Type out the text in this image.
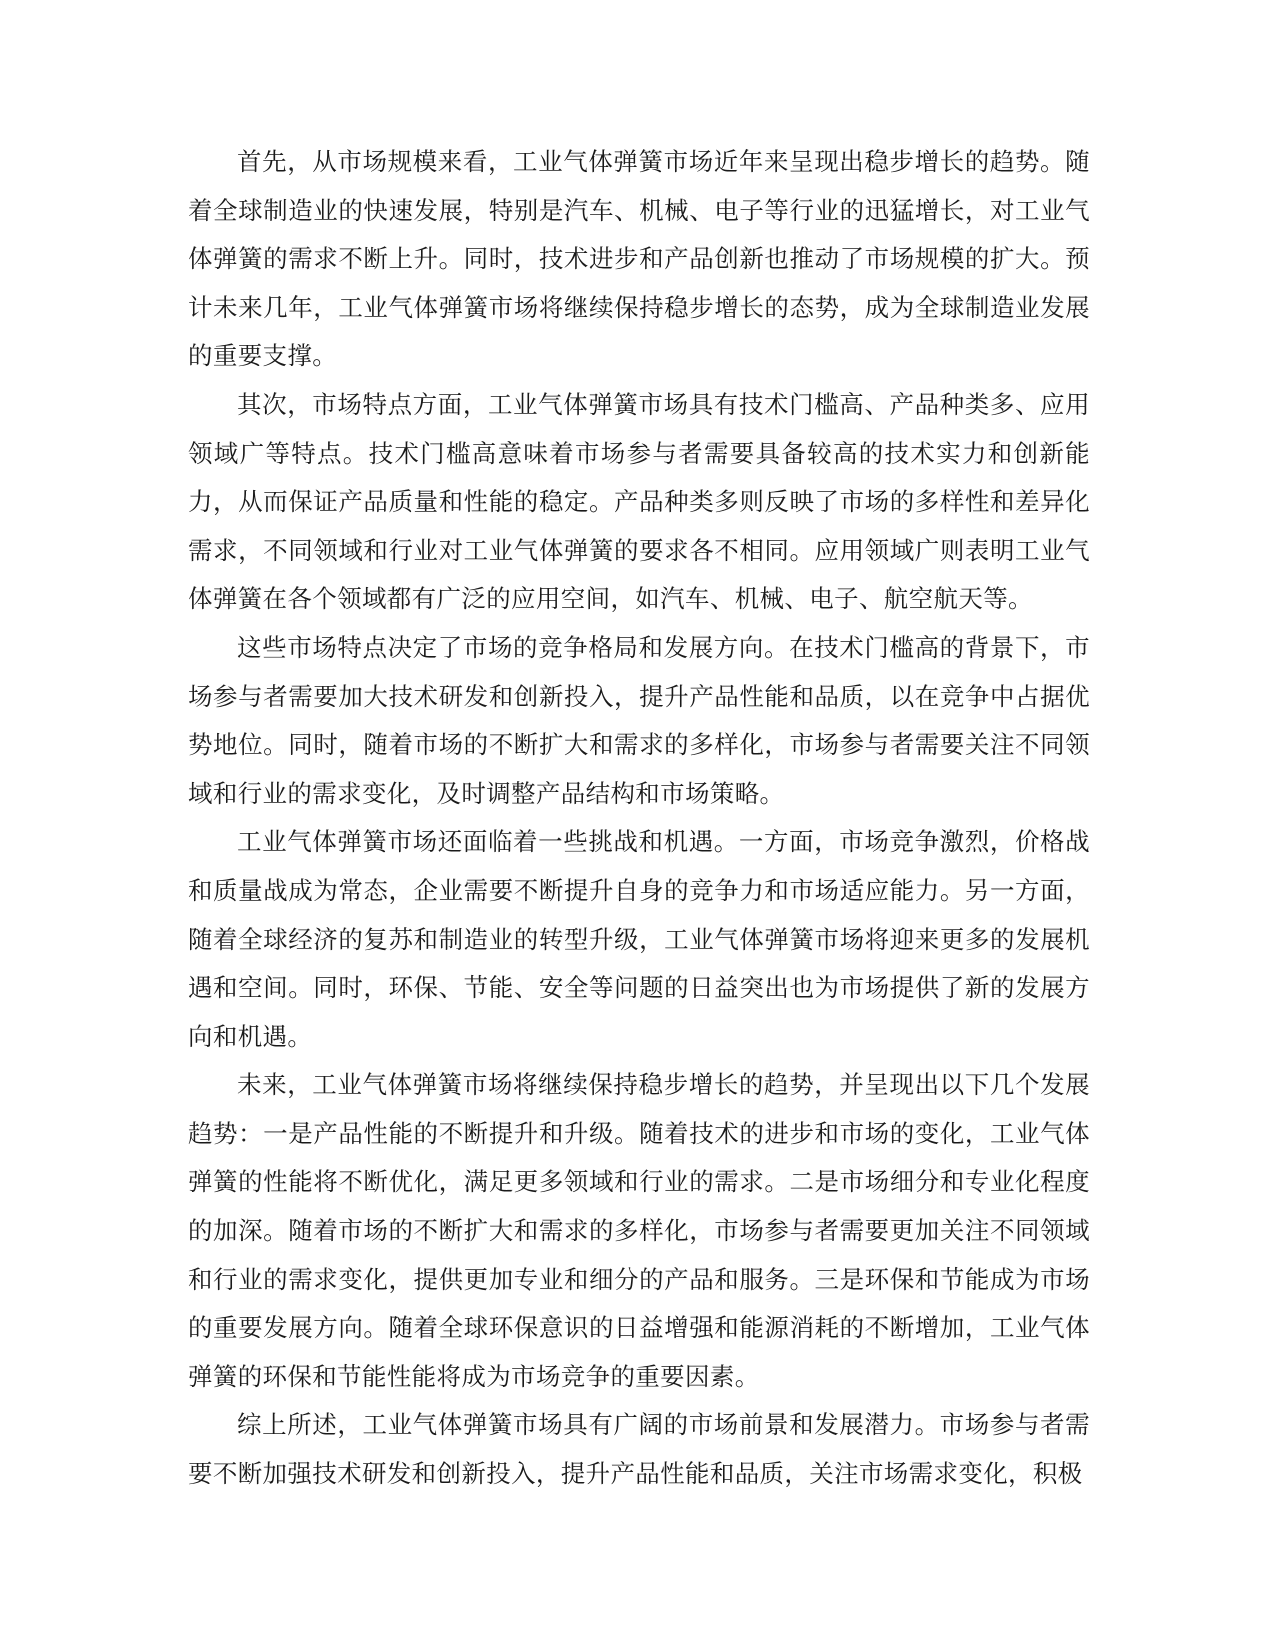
首先，从市场规模来看，工业气体弹簧市场近年来呈现出稳步增长的趋势。随着全球制造业的快速发展，特别是汽车、机械、电子等行业的迅猛增长，对工业气体弹簧的需求不断上升。同时，技术进步和产品创新也推动了市场规模的扩大。预计未来几年，工业气体弹簧市场将继续保持稳步增长的态势，成为全球制造业发展的重要支撑。

其次，市场特点方面，工业气体弹簧市场具有技术门槛高、产品种类多、应用领域广等特点。技术门槛高意味着市场参与者需要具备较高的技术实力和创新能力，从而保证产品质量和性能的稳定。产品种类多则反映了市场的多样性和差异化需求，不同领域和行业对工业气体弹簧的要求各不相同。应用领域广则表明工业气体弹簧在各个领域都有广泛的应用空间，如汽车、机械、电子、航空航天等。

这些市场特点决定了市场的竞争格局和发展方向。在技术门槛高的背景下，市场参与者需要加大技术研发和创新投入，提升产品性能和品质，以在竞争中占据优势地位。同时，随着市场的不断扩大和需求的多样化，市场参与者需要关注不同领域和行业的需求变化，及时调整产品结构和市场策略。

工业气体弹簧市场还面临着一些挑战和机遇。一方面，市场竞争激烈，价格战和质量战成为常态，企业需要不断提升自身的竞争力和市场适应能力。另一方面，随着全球经济的复苏和制造业的转型升级，工业气体弹簧市场将迎来更多的发展机遇和空间。同时，环保、节能、安全等问题的日益突出也为市场提供了新的发展方向和机遇。

未来，工业气体弹簧市场将继续保持稳步增长的趋势，并呈现出以下几个发展趋势：一是产品性能的不断提升和升级。随着技术的进步和市场的变化，工业气体弹簧的性能将不断优化，满足更多领域和行业的需求。二是市场细分和专业化程度的加深。随着市场的不断扩大和需求的多样化，市场参与者需要更加关注不同领域和行业的需求变化，提供更加专业和细分的产品和服务。三是环保和节能成为市场的重要发展方向。随着全球环保意识的日益增强和能源消耗的不断增加，工业气体弹簧的环保和节能性能将成为市场竞争的重要因素。

综上所述，工业气体弹簧市场具有广阔的市场前景和发展潜力。市场参与者需要不断加强技术研发和创新投入，提升产品性能和品质，关注市场需求变化，积极
